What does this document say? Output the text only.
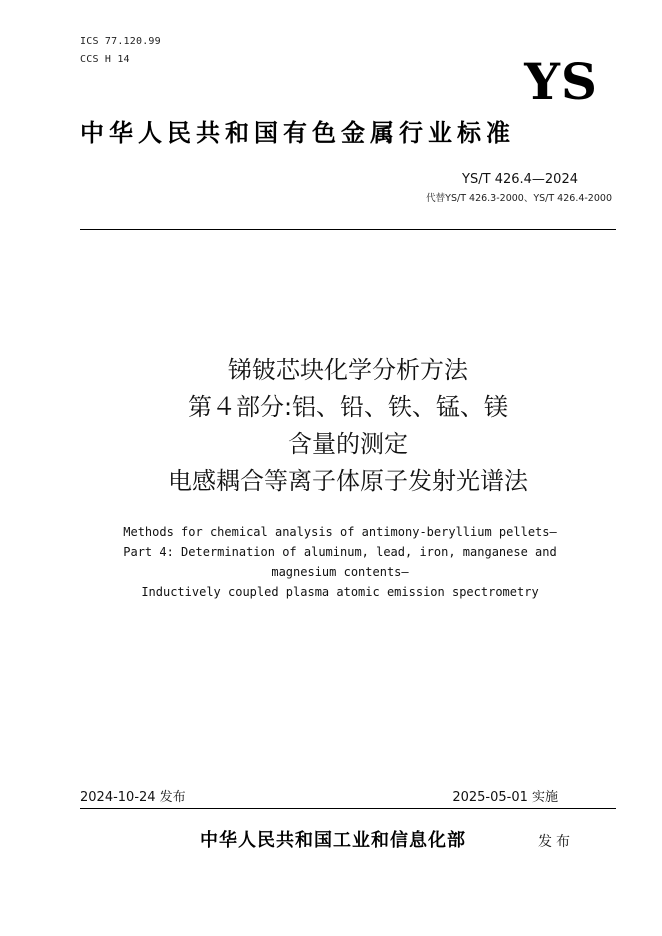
ICS 77.120.99
CCS H 14	YS
中华人民共和国有色金属行业标准
YS/T 426.4—2024
代替YS/T 426.3-2000、YS/T 426.4-2000
锑铍芯块化学分析方法
第４部分:铝、铅、铁、锰、镁
含量的测定
电感耦合等离子体原子发射光谱法
Methods for chemical analysis of antimony-beryllium pellets—
Part 4: Determination of aluminum, lead, iron, manganese and
magnesium contents—
Inductively coupled plasma atomic emission spectrometry
2024-10-24 发布	2025-05-01 实施
中华人民共和国工业和信息化部	发布
